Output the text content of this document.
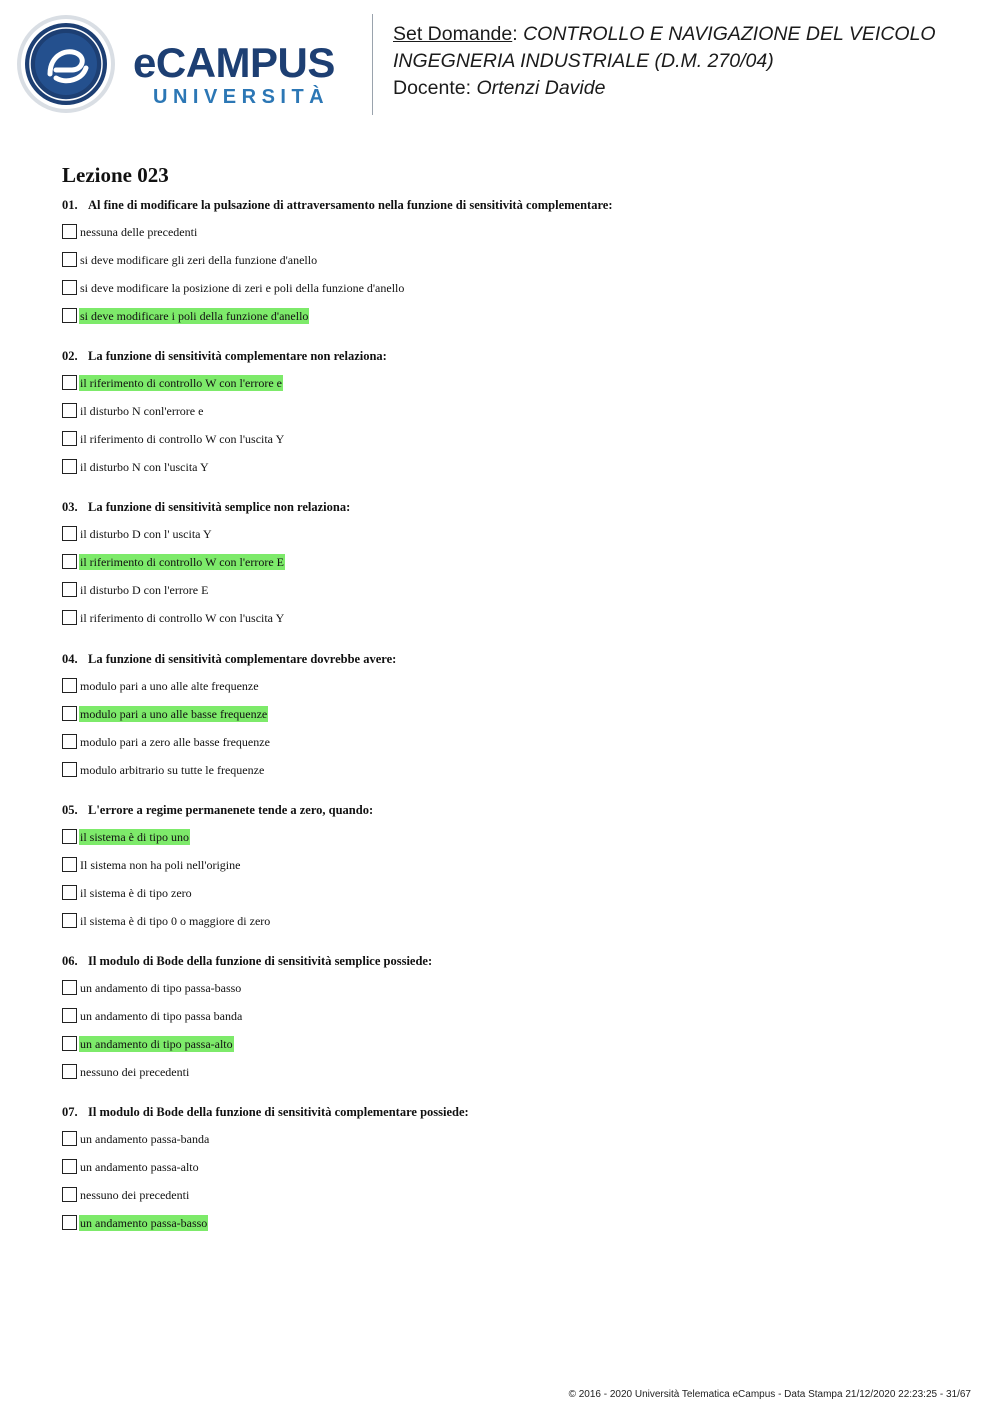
eCAMPUS
UNIVERSITÀ
Set Domande: CONTROLLO E NAVIGAZIONE DEL VEICOLO
INGEGNERIA INDUSTRIALE (D.M. 270/04)
Docente: Ortenzi Davide
Lezione 023
01. Al fine di modificare la pulsazione di attraversamento nella funzione di sensitività complementare:
nessuna delle precedenti
si deve modificare gli zeri della funzione d'anello
si deve modificare la posizione di zeri e poli della funzione d'anello
si deve modificare i poli della funzione d'anello
02. La funzione di sensitività complementare non relaziona:
il riferimento di controllo W con l'errore e
il disturbo N conl'errore e
il riferimento di controllo W con l'uscita Y
il disturbo N con l'uscita Y
03. La funzione di sensitività semplice non relaziona:
il disturbo D con l' uscita Y
il riferimento di controllo W con l'errore E
il disturbo D con l'errore E
il riferimento di controllo W con l'uscita Y
04. La funzione di sensitività complementare dovrebbe avere:
modulo pari a uno alle alte frequenze
modulo pari a uno alle basse frequenze
modulo pari a zero alle basse frequenze
modulo arbitrario su tutte le frequenze
05. L'errore a regime permanenete tende a zero, quando:
il sistema è di tipo uno
Il sistema non ha poli nell'origine
il sistema è di tipo zero
il sistema è di tipo 0 o maggiore di zero
06. Il modulo di Bode della funzione di sensitività semplice possiede:
un andamento di tipo passa-basso
un andamento di tipo passa banda
un andamento di tipo passa-alto
nessuno dei precedenti
07. Il modulo di Bode della funzione di sensitività complementare possiede:
un andamento passa-banda
un andamento passa-alto
nessuno dei precedenti
un andamento passa-basso
© 2016 - 2020 Università Telematica eCampus - Data Stampa 21/12/2020 22:23:25 - 31/67
